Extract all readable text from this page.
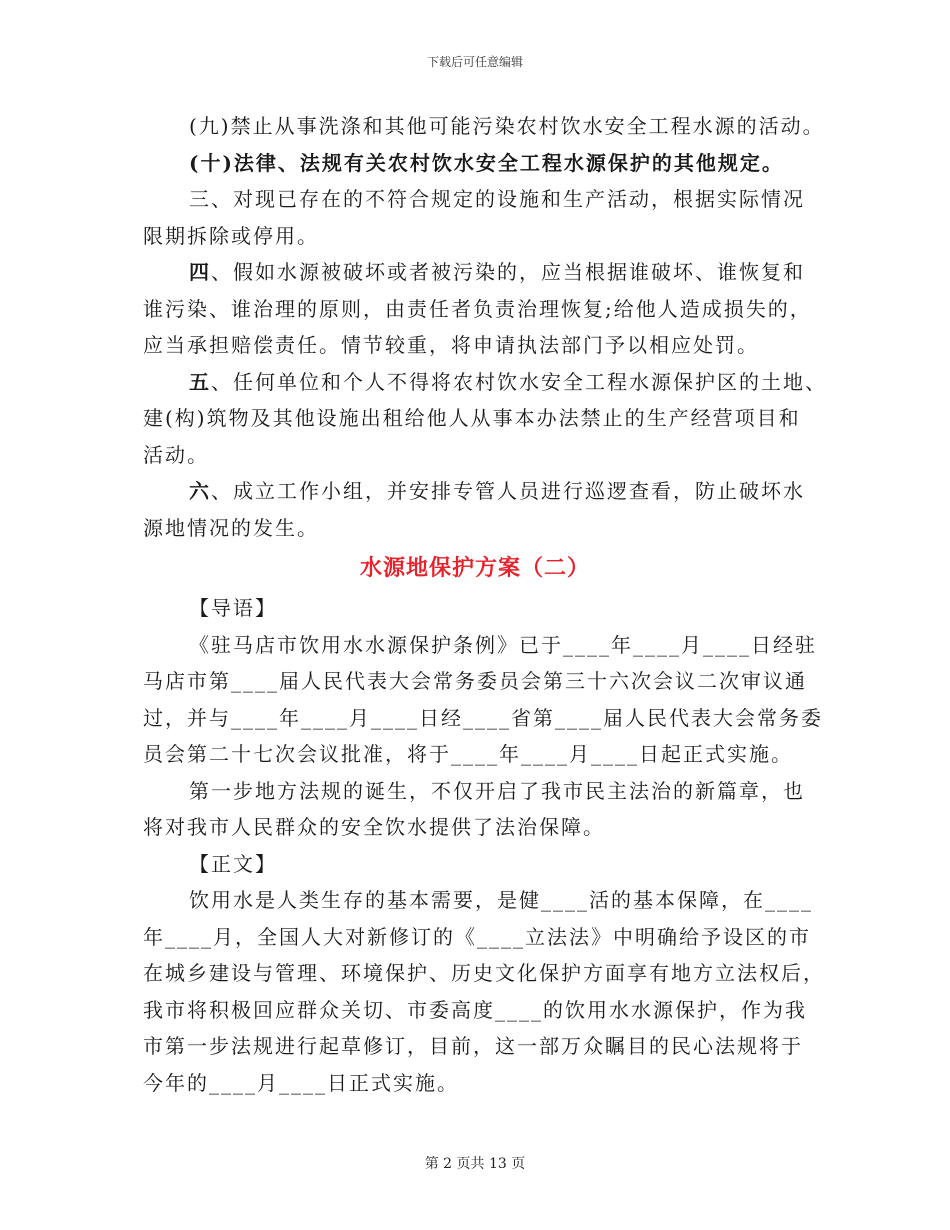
下载后可任意编辑
(九)禁止从事洗涤和其他可能污染农村饮水安全工程水源的活动。
(十)法律、法规有关农村饮水安全工程水源保护的其他规定。
三、对现已存在的不符合规定的设施和生产活动，根据实际情况
限期拆除或停用。
四、假如水源被破坏或者被污染的，应当根据谁破坏、谁恢复和
谁污染、谁治理的原则，由责任者负责治理恢复;给他人造成损失的，
应当承担赔偿责任。情节较重，将申请执法部门予以相应处罚。
五、任何单位和个人不得将农村饮水安全工程水源保护区的土地、
建(构)筑物及其他设施出租给他人从事本办法禁止的生产经营项目和
活动。
六、成立工作小组，并安排专管人员进行巡逻查看，防止破坏水
源地情况的发生。
水源地保护方案（二）
【导语】
《驻马店市饮用水水源保护条例》已于____年____月____日经驻
马店市第____届人民代表大会常务委员会第三十六次会议二次审议通
过，并与____年____月____日经____省第____届人民代表大会常务委
员会第二十七次会议批准，将于____年____月____日起正式实施。
第一步地方法规的诞生，不仅开启了我市民主法治的新篇章，也
将对我市人民群众的安全饮水提供了法治保障。
【正文】
饮用水是人类生存的基本需要，是健____活的基本保障，在____
年____月，全国人大对新修订的《____立法法》中明确给予设区的市
在城乡建设与管理、环境保护、历史文化保护方面享有地方立法权后，
我市将积极回应群众关切、市委高度____的饮用水水源保护，作为我
市第一步法规进行起草修订，目前，这一部万众瞩目的民心法规将于
今年的____月____日正式实施。
第 2 页共 13 页
